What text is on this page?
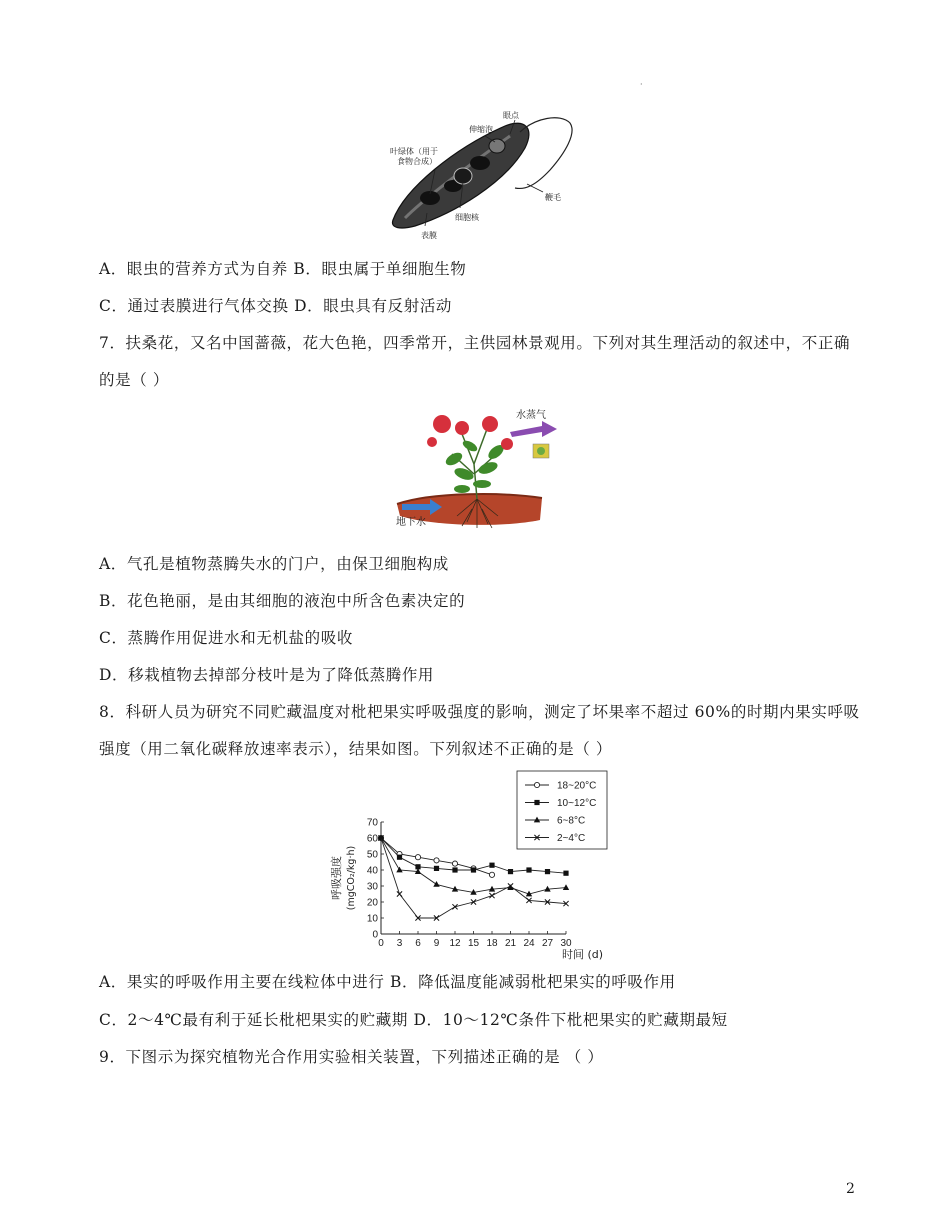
·
叶绿体（用于
食物合成）
伸缩泡
眼点
鞭毛
细胞核
表膜
A．眼虫的营养方式为自养 B．眼虫属于单细胞生物
C．通过表膜进行气体交换 D．眼虫具有反射活动
7．扶桑花，又名中国蔷薇，花大色艳，四季常开，主供园林景观用。下列对其生理活动的叙述中，不正确
的是（ ）
水蒸气
地下水
A．气孔是植物蒸腾失水的门户，由保卫细胞构成
B．花色艳丽，是由其细胞的液泡中所含色素决定的
C．蒸腾作用促进水和无机盐的吸收
D．移栽植物去掉部分枝叶是为了降低蒸腾作用
8．科研人员为研究不同贮藏温度对枇杷果实呼吸强度的影响，测定了坏果率不超过 60%的时期内果实呼吸
强度（用二氧化碳释放速率表示），结果如图。下列叙述不正确的是（ ）
0 3 6 9 12 15 18 21 24 27 30
0
10
20
30
40
50
60
70
18~20°C
10~12°C
6~8°C
2~4°C
时间 (d)
呼吸强度 (mgCO₂/kg·h)
A．果实的呼吸作用主要在线粒体中进行 B．降低温度能减弱枇杷果实的呼吸作用
C．2～4℃最有利于延长枇杷果实的贮藏期 D．10～12℃条件下枇杷果实的贮藏期最短
9．下图示为探究植物光合作用实验相关装置，下列描述正确的是 （ ）
2
